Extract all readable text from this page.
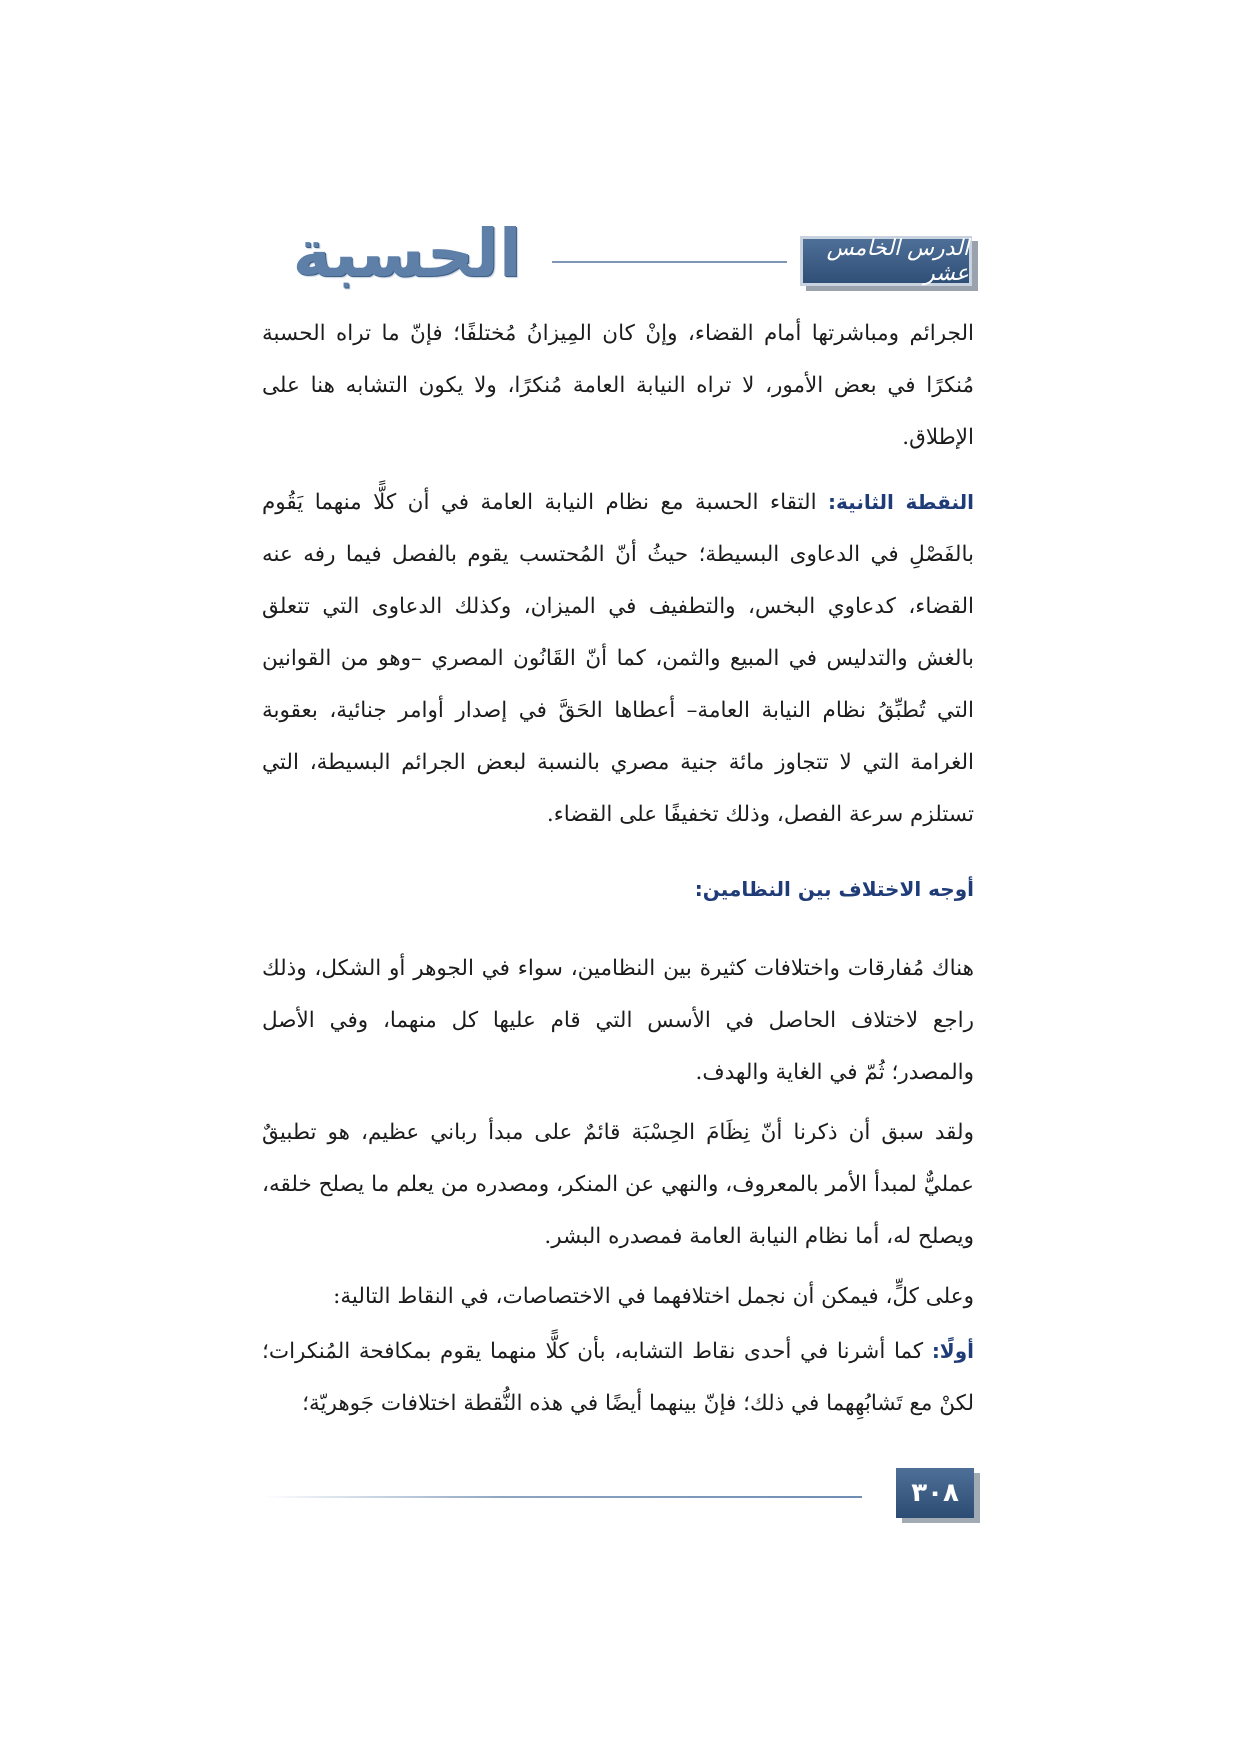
الدرس الخامس عشر
الحسبة

الجرائم ومباشرتها أمام القضاء، وإنْ كان المِيزانُ مُختلفًا؛ فإنّ ما تراه الحسبة مُنكرًا في بعض الأمور، لا تراه النيابة العامة مُنكرًا، ولا يكون التشابه هنا على الإطلاق.

النقطة الثانية: التقاء الحسبة مع نظام النيابة العامة في أن كلًّا منهما يَقُوم بالفَصْلِ في الدعاوى البسيطة؛ حيثُ أنّ المُحتسب يقوم بالفصل فيما رفه عنه القضاء، كدعاوي البخس، والتطفيف في الميزان، وكذلك الدعاوى التي تتعلق بالغش والتدليس في المبيع والثمن، كما أنّ القَانُون المصري –وهو من القوانين التي تُطبِّقُ نظام النيابة العامة– أعطاها الحَقَّ في إصدار أوامر جنائية، بعقوبة الغرامة التي لا تتجاوز مائة جنية مصري بالنسبة لبعض الجرائم البسيطة، التي تستلزم سرعة الفصل، وذلك تخفيفًا على القضاء.

أوجه الاختلاف بين النظامين:

هناك مُفارقات واختلافات كثيرة بين النظامين، سواء في الجوهر أو الشكل، وذلك راجع لاختلاف الحاصل في الأسس التي قام عليها كل منهما، وفي الأصل والمصدر؛ ثُمّ في الغاية والهدف.

ولقد سبق أن ذكرنا أنّ نِظَامَ الحِسْبَة قائمٌ على مبدأ رباني عظيم، هو تطبيقٌ عمليٌّ لمبدأ الأمر بالمعروف، والنهي عن المنكر، ومصدره من يعلم ما يصلح خلقه، ويصلح له، أما نظام النيابة العامة فمصدره البشر.

وعلى كلٍّ، فيمكن أن نجمل اختلافهما في الاختصاصات، في النقاط التالية:

أولًا: كما أشرنا في أحدى نقاط التشابه، بأن كلًّا منهما يقوم بمكافحة المُنكرات؛ لكنْ مع تَشابُهِهما في ذلك؛ فإنّ بينهما أيضًا في هذه النُّقطة اختلافات جَوهريّة؛

٣٠٨
